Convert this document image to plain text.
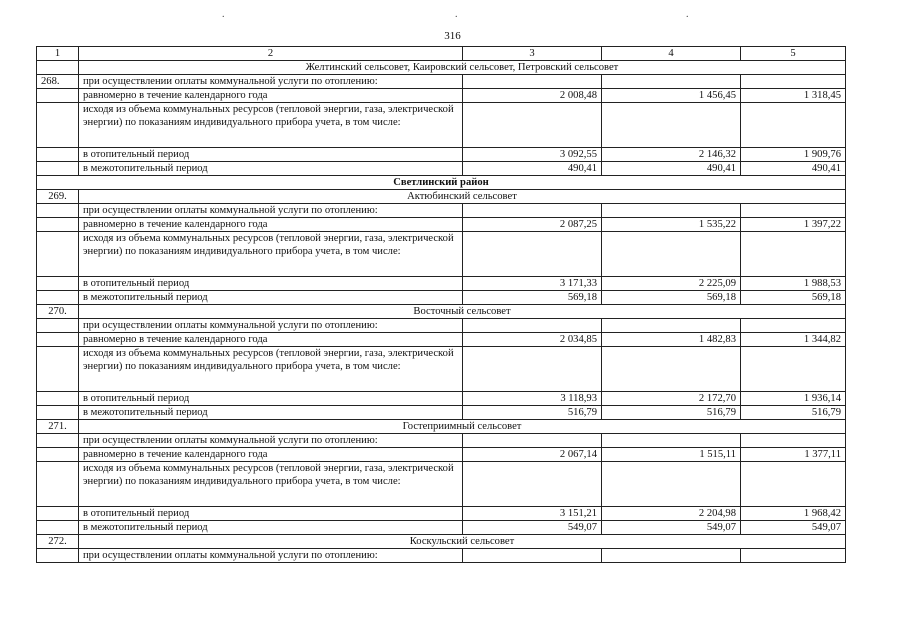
.	.	.
316
1	2	3	4	5
	Желтинский сельсовет, Каировский сельсовет, Петровский сельсовет			
268.	при осуществлении оплаты коммунальной услуги по отоплению:			
	равномерно в течение календарного года	2 008,48	1 456,45	1 318,45
	исходя из объема коммунальных ресурсов (тепловой энергии, газа, электрической энергии) по показаниям индивидуального прибора учета, в том числе:			
	в отопительный период	3 092,55	2 146,32	1 909,76
	в межотопительный период	490,41	490,41	490,41
Светлинский район				
269.	Актюбинский сельсовет			
	при осуществлении оплаты коммунальной услуги по отоплению:			
	равномерно в течение календарного года	2 087,25	1 535,22	1 397,22
	исходя из объема коммунальных ресурсов (тепловой энергии, газа, электрической энергии) по показаниям индивидуального прибора учета, в том числе:			
	в отопительный период	3 171,33	2 225,09	1 988,53
	в межотопительный период	569,18	569,18	569,18
270.	Восточный сельсовет			
	при осуществлении оплаты коммунальной услуги по отоплению:			
	равномерно в течение календарного года	2 034,85	1 482,83	1 344,82
	исходя из объема коммунальных ресурсов (тепловой энергии, газа, электрической энергии) по показаниям индивидуального прибора учета, в том числе:			
	в отопительный период	3 118,93	2 172,70	1 936,14
	в межотопительный период	516,79	516,79	516,79
271.	Гостеприимный сельсовет			
	при осуществлении оплаты коммунальной услуги по отоплению:			
	равномерно в течение календарного года	2 067,14	1 515,11	1 377,11
	исходя из объема коммунальных ресурсов (тепловой энергии, газа, электрической энергии) по показаниям индивидуального прибора учета, в том числе:			
	в отопительный период	3 151,21	2 204,98	1 968,42
	в межотопительный период	549,07	549,07	549,07
272.	Коскульский сельсовет			
	при осуществлении оплаты коммунальной услуги по отоплению:			
